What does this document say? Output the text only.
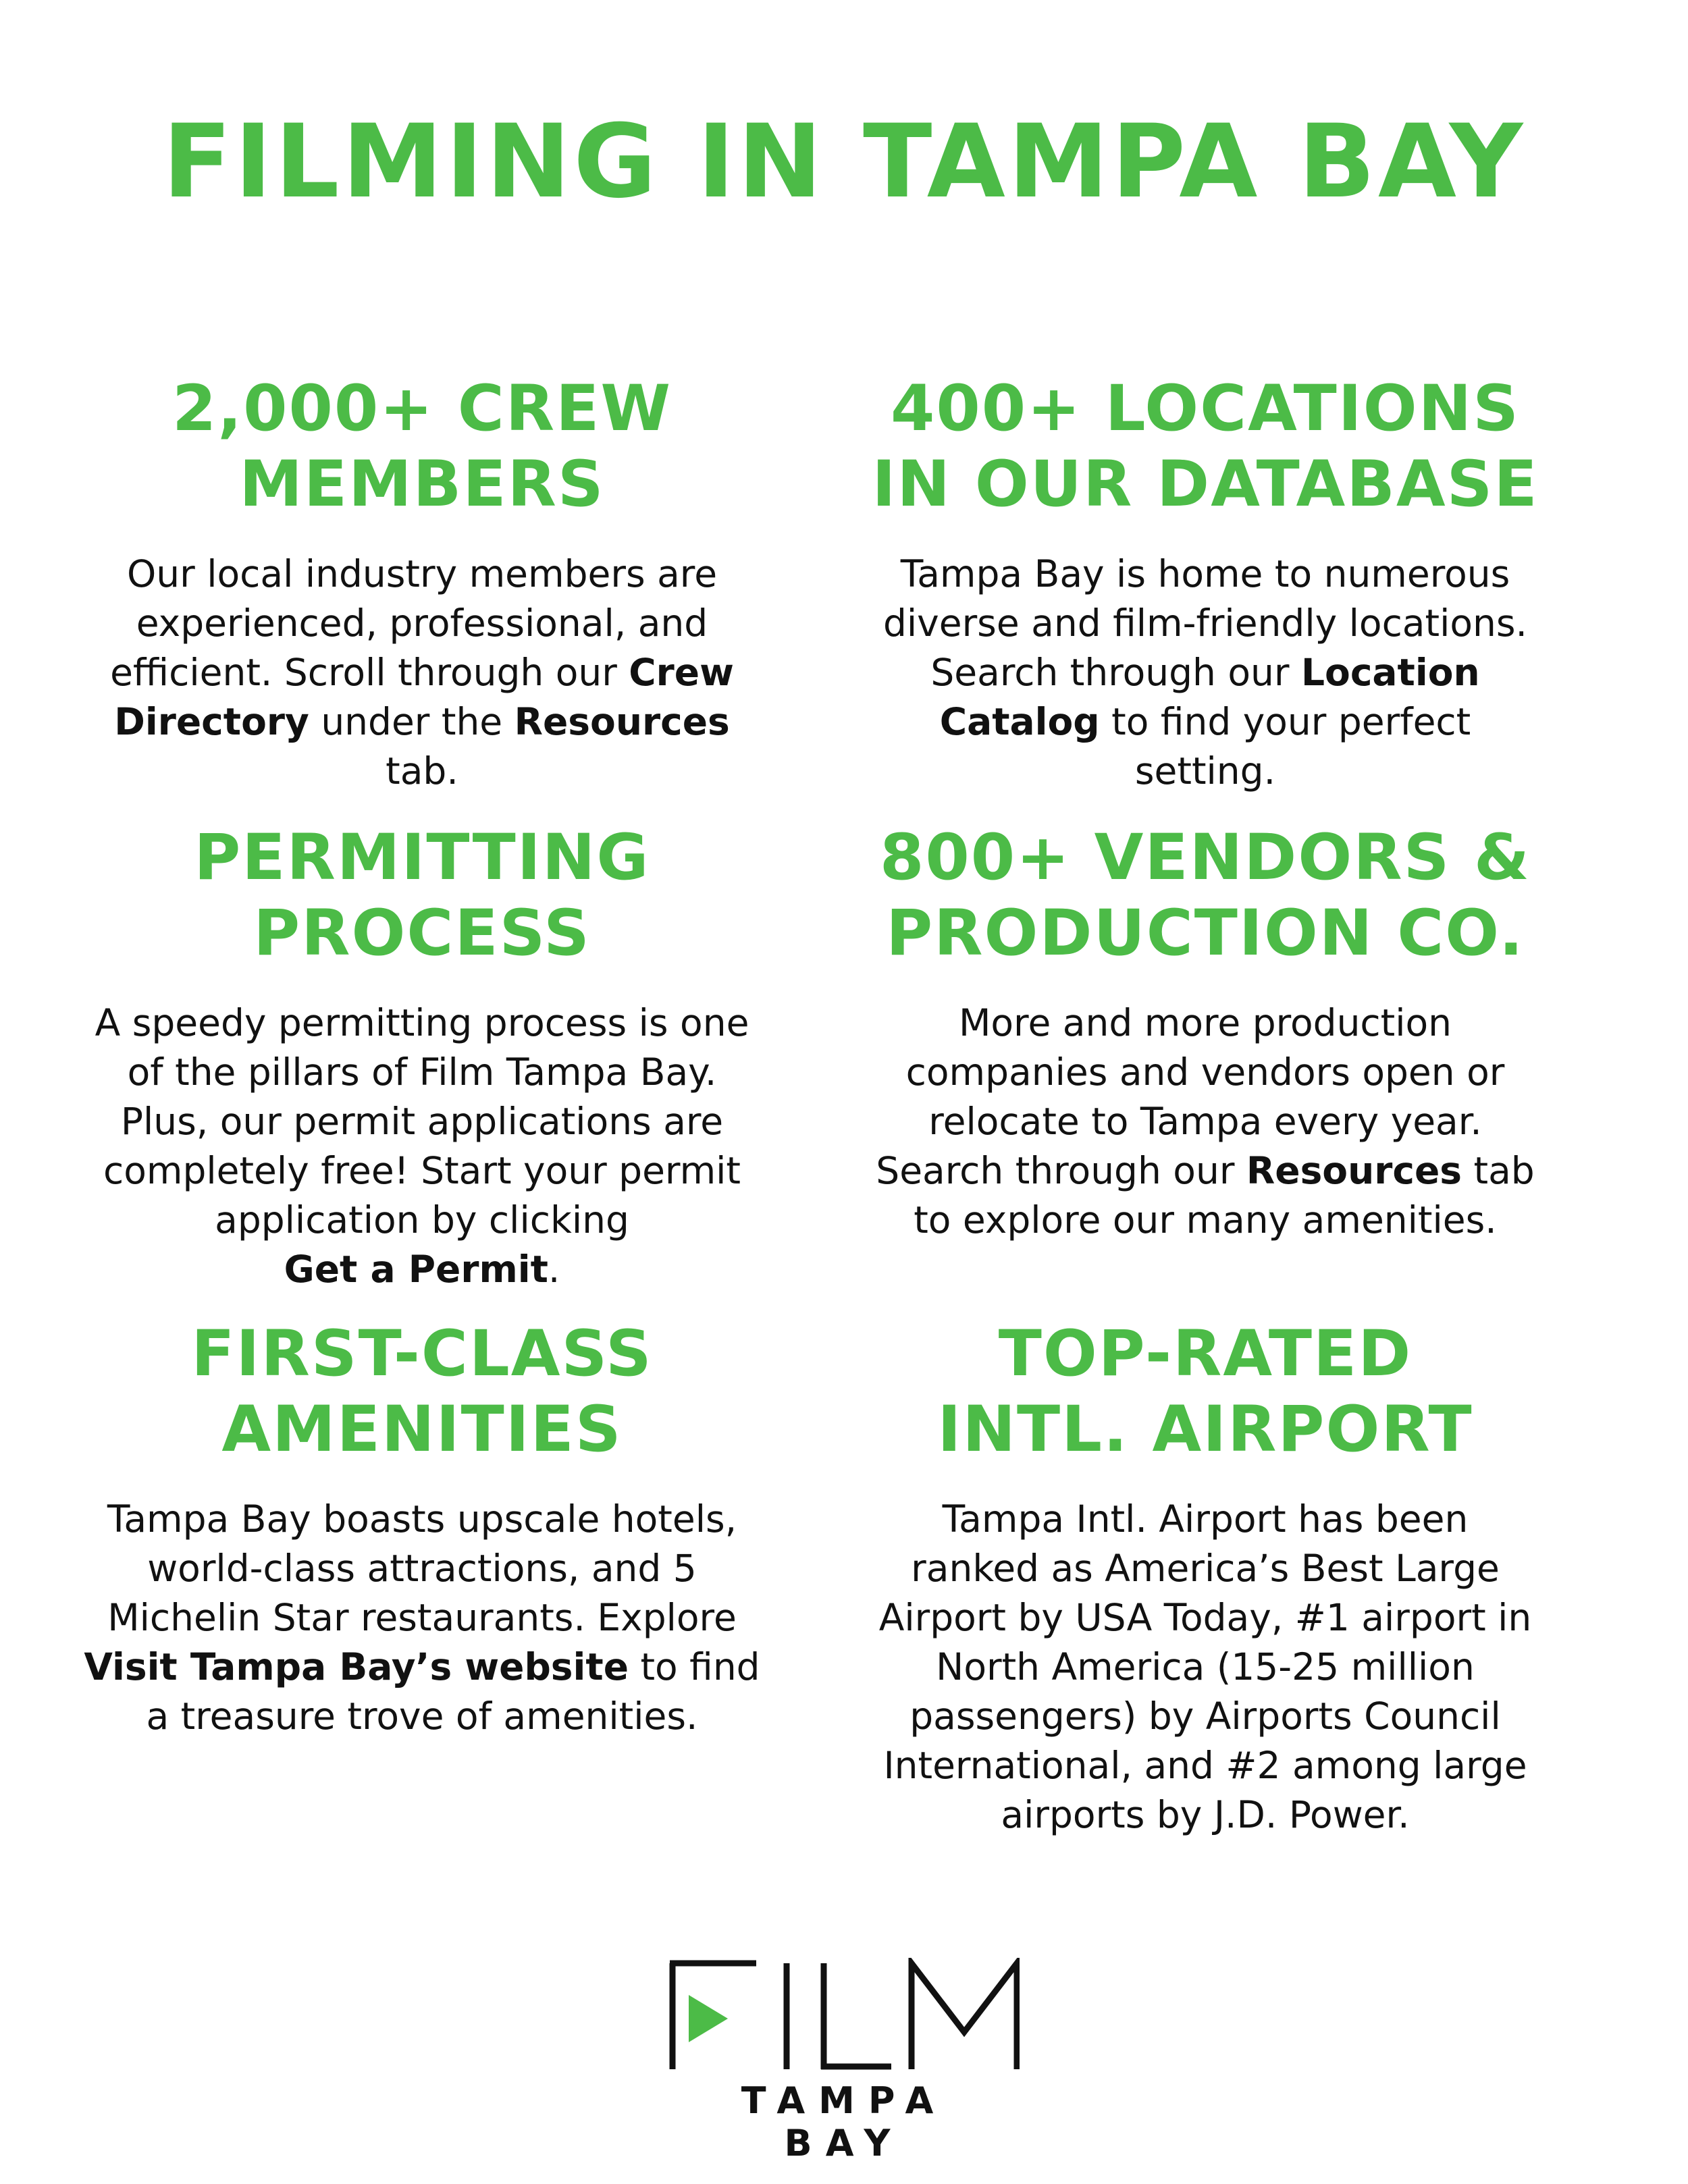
FILMING IN TAMPA BAY
2,000+ CREW
MEMBERS
Our local industry members are
experienced, professional, and
efficient. Scroll through our Crew
Directory under the Resources
tab.
400+ LOCATIONS
IN OUR DATABASE
Tampa Bay is home to numerous
diverse and film-friendly locations.
Search through our Location
Catalog to find your perfect
setting.
PERMITTING
PROCESS
A speedy permitting process is one
of the pillars of Film Tampa Bay.
Plus, our permit applications are
completely free! Start your permit
application by clicking
Get a Permit.
800+ VENDORS &
PRODUCTION CO.
More and more production
companies and vendors open or
relocate to Tampa every year.
Search through our Resources tab
to explore our many amenities.
FIRST-CLASS
AMENITIES
Tampa Bay boasts upscale hotels,
world-class attractions, and 5
Michelin Star restaurants. Explore
Visit Tampa Bay’s website to find
a treasure trove of amenities.
TOP-RATED
INTL. AIRPORT
Tampa Intl. Airport has been
ranked as America’s Best Large
Airport by USA Today, #1 airport in
North America (15-25 million
passengers) by Airports Council
International, and #2 among large
airports by J.D. Power.
TAMPA BAY
